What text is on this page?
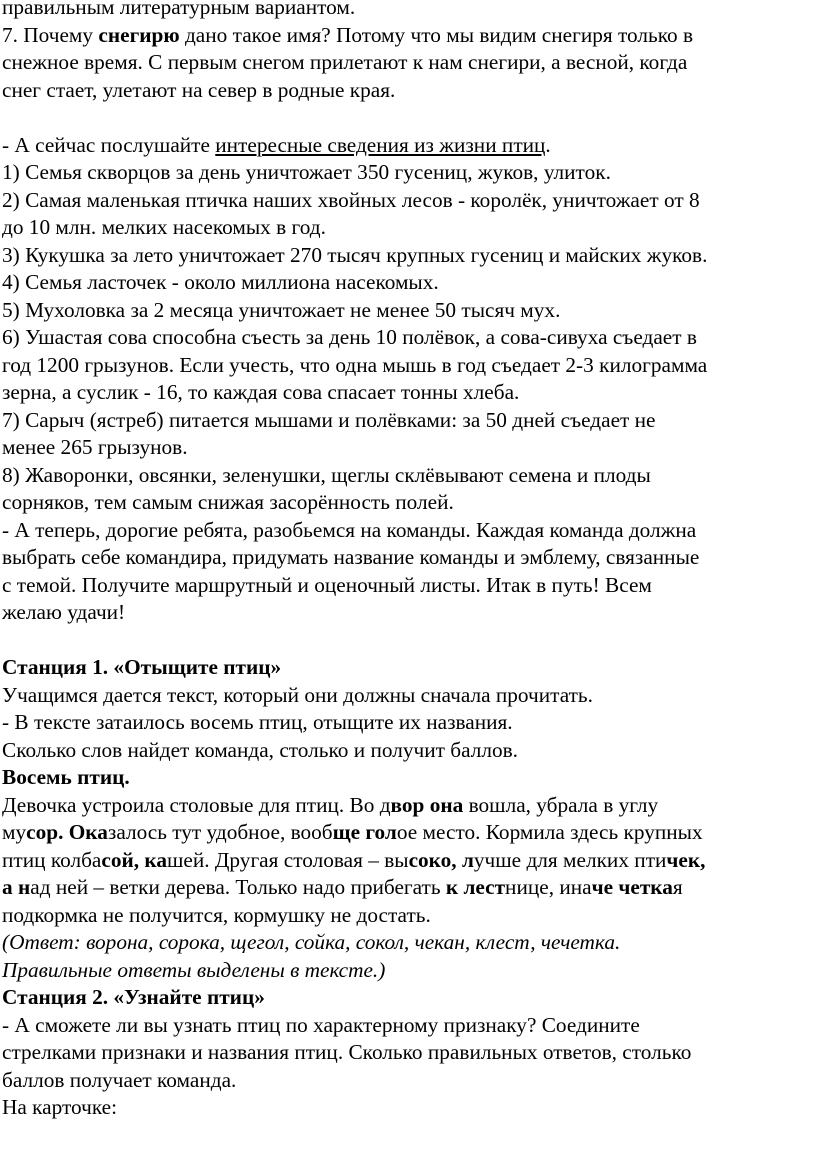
правильным литературным вариантом.

7. Почему снегирю дано такое имя? Потому что мы видим снегиря только в

снежное время. С первым снегом прилетают к нам снегири, а весной, когда

снег стает, улетают на север в родные края.

- А сейчас послушайте интересные сведения из жизни птиц.

1) Семья скворцов за день уничтожает 350 гусениц, жуков, улиток.

2) Самая маленькая птичка наших хвойных лесов - королёк, уничтожает от 8

до 10 млн. мелких насекомых в год.

3) Кукушка за лето уничтожает 270 тысяч крупных гусениц и майских жуков.

4) Семья ласточек - около миллиона насекомых.

5) Мухоловка за 2 месяца уничтожает не менее 50 тысяч мух.

6) Ушастая сова способна съесть за день 10 полёвок, а сова-сивуха съедает в

год 1200 грызунов. Если учесть, что одна мышь в год съедает 2-3 килограмма

зерна, а суслик - 16, то каждая сова спасает тонны хлеба.

7) Сарыч (ястреб) питается мышами и полёвками: за 50 дней съедает не

менее 265 грызунов.

8) Жаворонки, овсянки, зеленушки, щеглы склёвывают семена и плоды

сорняков, тем самым снижая засорённость полей.

- А теперь, дорогие ребята, разобьемся на команды. Каждая команда должна

выбрать себе командира, придумать название команды и эмблему, связанные

с темой. Получите маршрутный и оценочный листы. Итак в путь! Всем

желаю удачи!

Станция 1. «Отыщите птиц»

Учащимся дается текст, который они должны сначала прочитать.

- В тексте затаилось восемь птиц, отыщите их названия.

Сколько слов найдет команда, столько и получит баллов.

Восемь птиц.

Девочка устроила столовые для птиц. Во двор она вошла, убрала в углу

мусор. Оказалось тут удобное, вообще голое место. Кормила здесь крупных

птиц колбасой, кашей. Другая столовая – высоко, лучше для мелких птичек,

а над ней – ветки дерева. Только надо прибегать к лестнице, иначе четкая

подкормка не получится, кормушку не достать.

(Ответ: ворона, сорока, щегол, сойка, сокол, чекан, клест, чечетка.

Правильные ответы выделены в тексте.)

Станция 2. «Узнайте птиц»

- А сможете ли вы узнать птиц по характерному признаку? Соедините

стрелками признаки и названия птиц. Сколько правильных ответов, столько

баллов получает команда.

На карточке:
